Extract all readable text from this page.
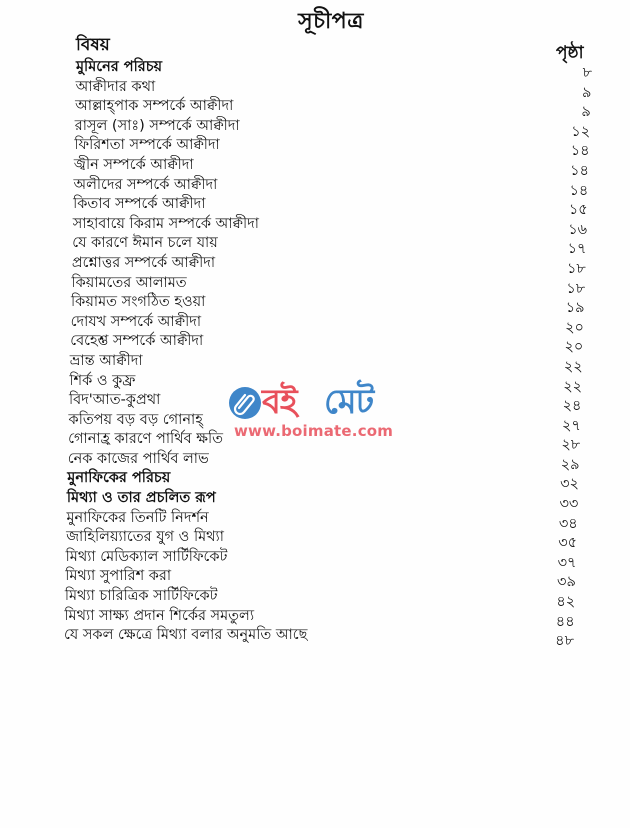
সূচীপত্র
বিষয়	পৃষ্ঠা
মুমিনের পরিচয়	৮
আক্বীদার কথা	৯
আল্লাহ্পাক সম্পর্কে আক্বীদা	৯
রাসূল (সাঃ) সম্পর্কে আক্বীদা	১২
ফিরিশতা সম্পর্কে আক্বীদা	১৪
জ্বীন সম্পর্কে আক্বীদা	১৪
অলীদের সম্পর্কে আক্বীদা	১৪
কিতাব সম্পর্কে আক্বীদা	১৫
সাহাবায়ে কিরাম সম্পর্কে আক্বীদা	১৬
যে কারণে ঈমান চলে যায়	১৭
প্রশ্নোত্তর সম্পর্কে আক্বীদা	১৮
কিয়ামতের আলামত	১৮
কিয়ামত সংগঠিত হওয়া	১৯
দোযখ সম্পর্কে আক্বীদা	২০
বেহেশ্ত সম্পর্কে আক্বীদা	২০
ভ্রান্ত আক্বীদা	২২
শির্ক ও কুফ্র	২২
বিদ'আত-কুপ্রথা	২৪
কতিপয় বড় বড় গোনাহ্	২৭
গোনাহ্র কারণে পার্থিব ক্ষতি	২৮
নেক কাজের পার্থিব লাভ	২৯
মুনাফিকের পরিচয়	৩২
মিথ্যা ও তার প্রচলিত রূপ	৩৩
মুনাফিকের তিনটি নিদর্শন	৩৪
জাহিলিয়্যাতের যুগ ও মিথ্যা	৩৫
মিথ্যা মেডিক্যাল সার্টিফিকেট	৩৭
মিথ্যা সুপারিশ করা	৩৯
মিথ্যা চারিত্রিক সার্টিফিকেট	৪২
মিথ্যা সাক্ষ্য প্রদান শির্কের সমতুল্য	৪৪
যে সকল ক্ষেত্রে মিথ্যা বলার অনুমতি আছে	৪৮
বই মেট
www.boimate.com
